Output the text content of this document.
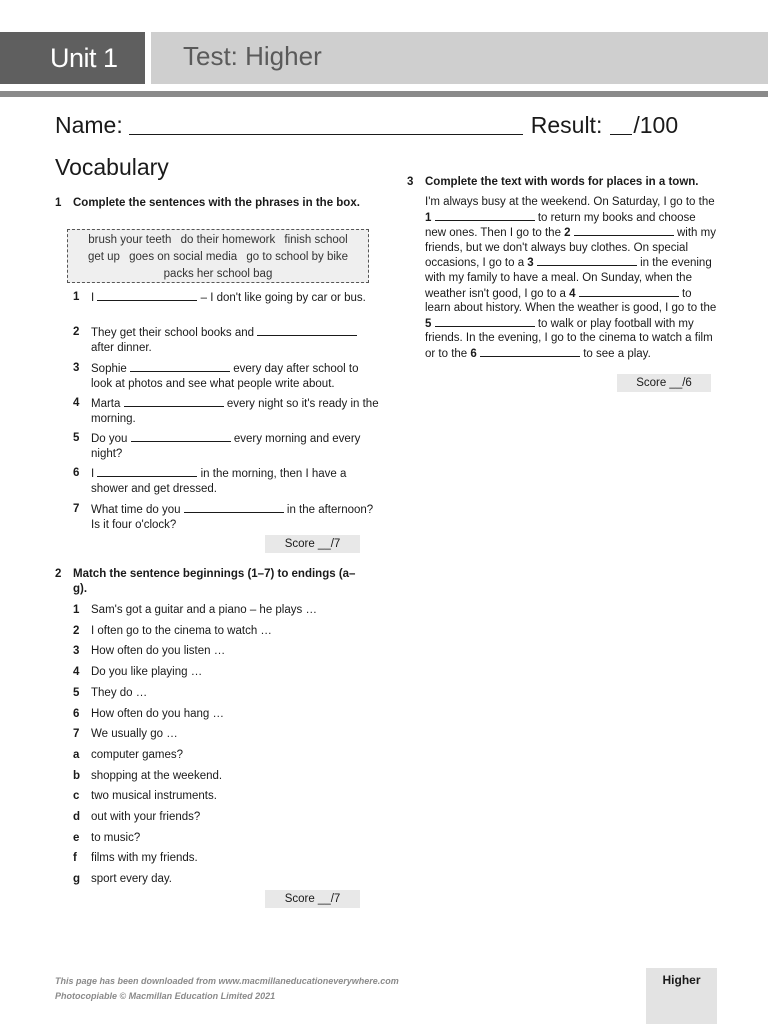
Unit 1	Test: Higher
Name:	Result: /100
Vocabulary
1 Complete the sentences with the phrases in the box.
brush your teeth do their homework finish school
get up goes on social media go to school by bike
packs her school bag
1 I	– I don't like going by car or bus.
2 They get their school books and  after dinner.
3 Sophie	every day after school to look at photos and see what people write about.
4 Marta	every night so it's ready in the morning.
5 Do you	every morning and every night?
6 I	in the morning, then I have a shower and get dressed.
7 What time do you	in the afternoon? Is it four o'clock?
Score __/7
2 Match the sentence beginnings (1–7) to endings (a–g).
1 Sam's got a guitar and a piano – he plays …
2 I often go to the cinema to watch …
3 How often do you listen …
4 Do you like playing …
5 They do …
6 How often do you hang …
7 We usually go …
a computer games?
b shopping at the weekend.
c two musical instruments.
d out with your friends?
e to music?
f films with my friends.
g sport every day.
Score __/7
3 Complete the text with words for places in a town.
I'm always busy at the weekend. On Saturday, I go to the
1	to return my books and choose new ones. Then I go to the 2	with my friends, but we don't always buy clothes. On special occasions, I go to a 3	in the evening with my family to have a meal. On Sunday, when the weather isn't good, I go to a 4	to learn about history. When the weather is good, I go to the 5	to walk or play football with my friends. In the evening, I go to the cinema to watch a film or to the 6	to see a play.
Score __/6
This page has been downloaded from www.macmillaneducationeverywhere.com
Photocopiable © Macmillan Education Limited 2021
Higher
